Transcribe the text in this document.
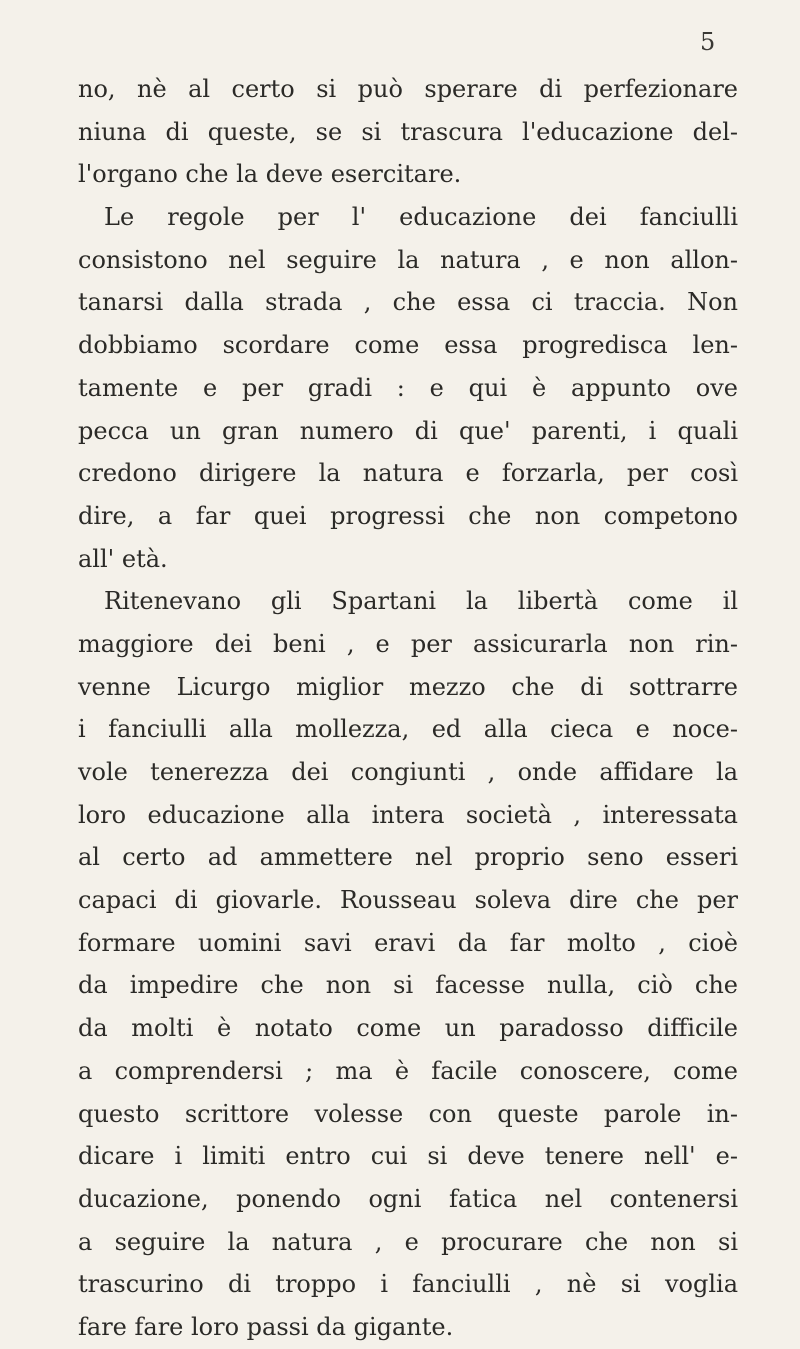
5
no, nè al certo si può sperare di perfezionare
niuna di queste, se si trascura l'educazione del-
l'organo che la deve esercitare.
Le regole per l' educazione dei fanciulli
consistono nel seguire la natura , e non allon-
tanarsi dalla strada , che essa ci traccia. Non
dobbiamo scordare come essa progredisca len-
tamente e per gradi : e qui è appunto ove
pecca un gran numero di que' parenti, i quali
credono dirigere la natura e forzarla, per così
dire, a far quei progressi che non competono
all' età.
Ritenevano gli Spartani la libertà come il
maggiore dei beni , e per assicurarla non rin-
venne Licurgo miglior mezzo che di sottrarre
i fanciulli alla mollezza, ed alla cieca e noce-
vole tenerezza dei congiunti , onde affidare la
loro educazione alla intera società , interessata
al certo ad ammettere nel proprio seno esseri
capaci di giovarle. Rousseau soleva dire che per
formare uomini savi eravi da far molto , cioè
da impedire che non si facesse nulla, ciò che
da molti è notato come un paradosso difficile
a comprendersi ; ma è facile conoscere, come
questo scrittore volesse con queste parole in-
dicare i limiti entro cui si deve tenere nell' e-
ducazione, ponendo ogni fatica nel contenersi
a seguire la natura , e procurare che non si
trascurino di troppo i fanciulli , nè si voglia
fare fare loro passi da gigante.
